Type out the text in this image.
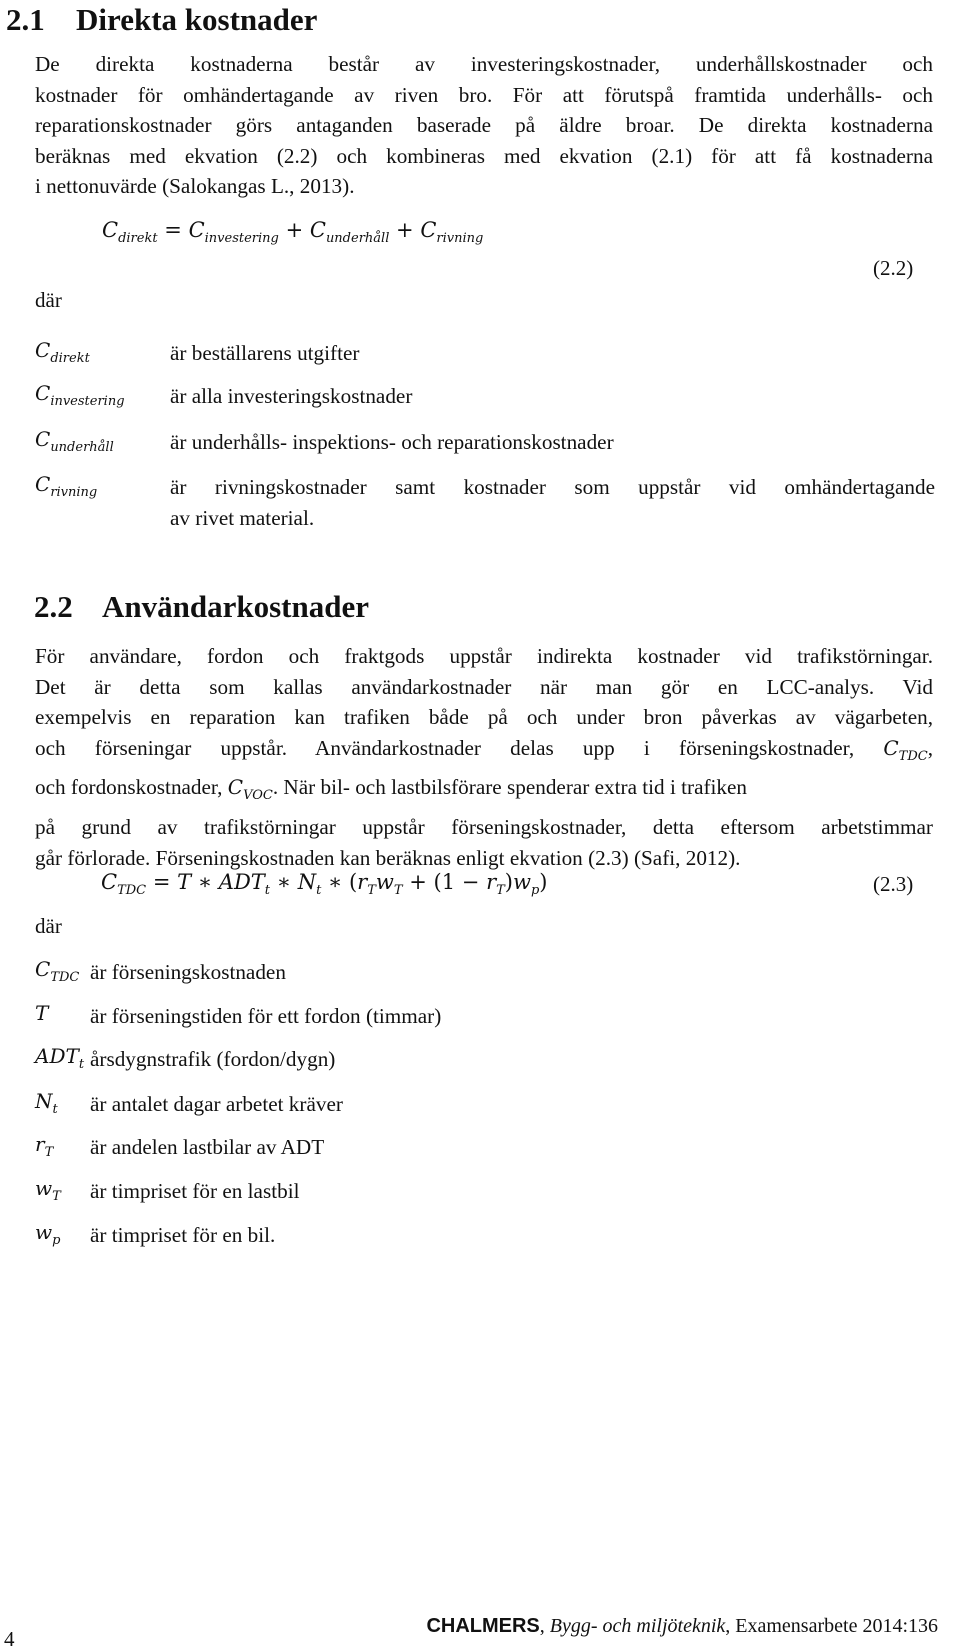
2.1 Direkta kostnader

De direkta kostnaderna består av investeringskostnader, underhållskostnader och
kostnader för omhändertagande av riven bro. För att förutspå framtida underhålls- och
reparationskostnader görs antaganden baserade på äldre broar. De direkta kostnaderna
beräknas med ekvation (2.2) och kombineras med ekvation (2.1) för att få kostnaderna
i nettonuvärde (Salokangas L., 2013).

$C_{direkt} = C_{investering} + C_{underhåll} + C_{rivning}$
(2.2)
där
$C_{direkt}$	är beställarens utgifter
$C_{investering}$ är alla investeringskostnader
$C_{underhåll}$	är underhålls- inspektions- och reparationskostnader
$C_{rivning}$	är rivningskostnader samt kostnader som uppstår vid omhändertagande
av rivet material.
2.2 Användarkostnader

För användare, fordon och fraktgods uppstår indirekta kostnader vid trafikstörningar.
Det är detta som kallas användarkostnader när man gör en LCC-analys. Vid
exempelvis en reparation kan trafiken både på och under bron påverkas av vägarbeten,
och förseningar uppstår. Användarkostnader delas upp i förseningskostnader, $C_{TDC}$,
och fordonskostnader, $C_{VOC}$. När bil- och lastbilsförare spenderar extra tid i trafiken
på grund av trafikstörningar uppstår förseningskostnader, detta eftersom arbetstimmar
går förlorade. Förseningskostnaden kan beräknas enligt ekvation (2.3) (Safi, 2012).

$C_{TDC} = T$ ∗ $ADT_t$ ∗ $N_t$ ∗ $(r_Tw_T + (1 - r_T)w_p)$	(2.3)
där
$C_{TDC}$ är förseningskostnaden
T är förseningstiden för ett fordon (timmar)
$ADT_t$ årsdygnstrafik (fordon/dygn)
$N_t$ är antalet dagar arbetet kräver
$r_T$ är andelen lastbilar av ADT
$w_T$ är timpriset för en lastbil
$w_p$ är timpriset för en bil.
4
CHALMERS, Bygg- och miljöteknik, Examensarbete 2014:136
